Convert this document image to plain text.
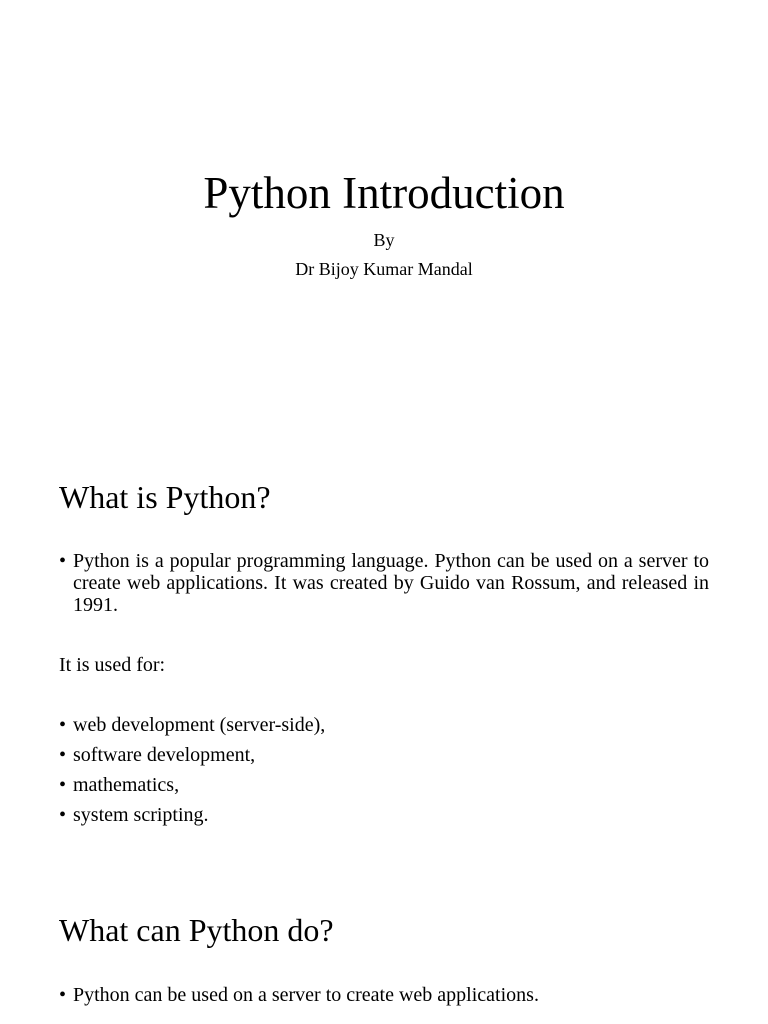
Python Introduction
By
Dr Bijoy Kumar Mandal
What is Python?
• Python is a popular programming language. Python can be used on a server to create web applications. It was created by Guido van Rossum, and released in 1991.

It is used for:

• web development (server-side),
• software development,
• mathematics,
• system scripting.
What can Python do?
• Python can be used on a server to create web applications.
